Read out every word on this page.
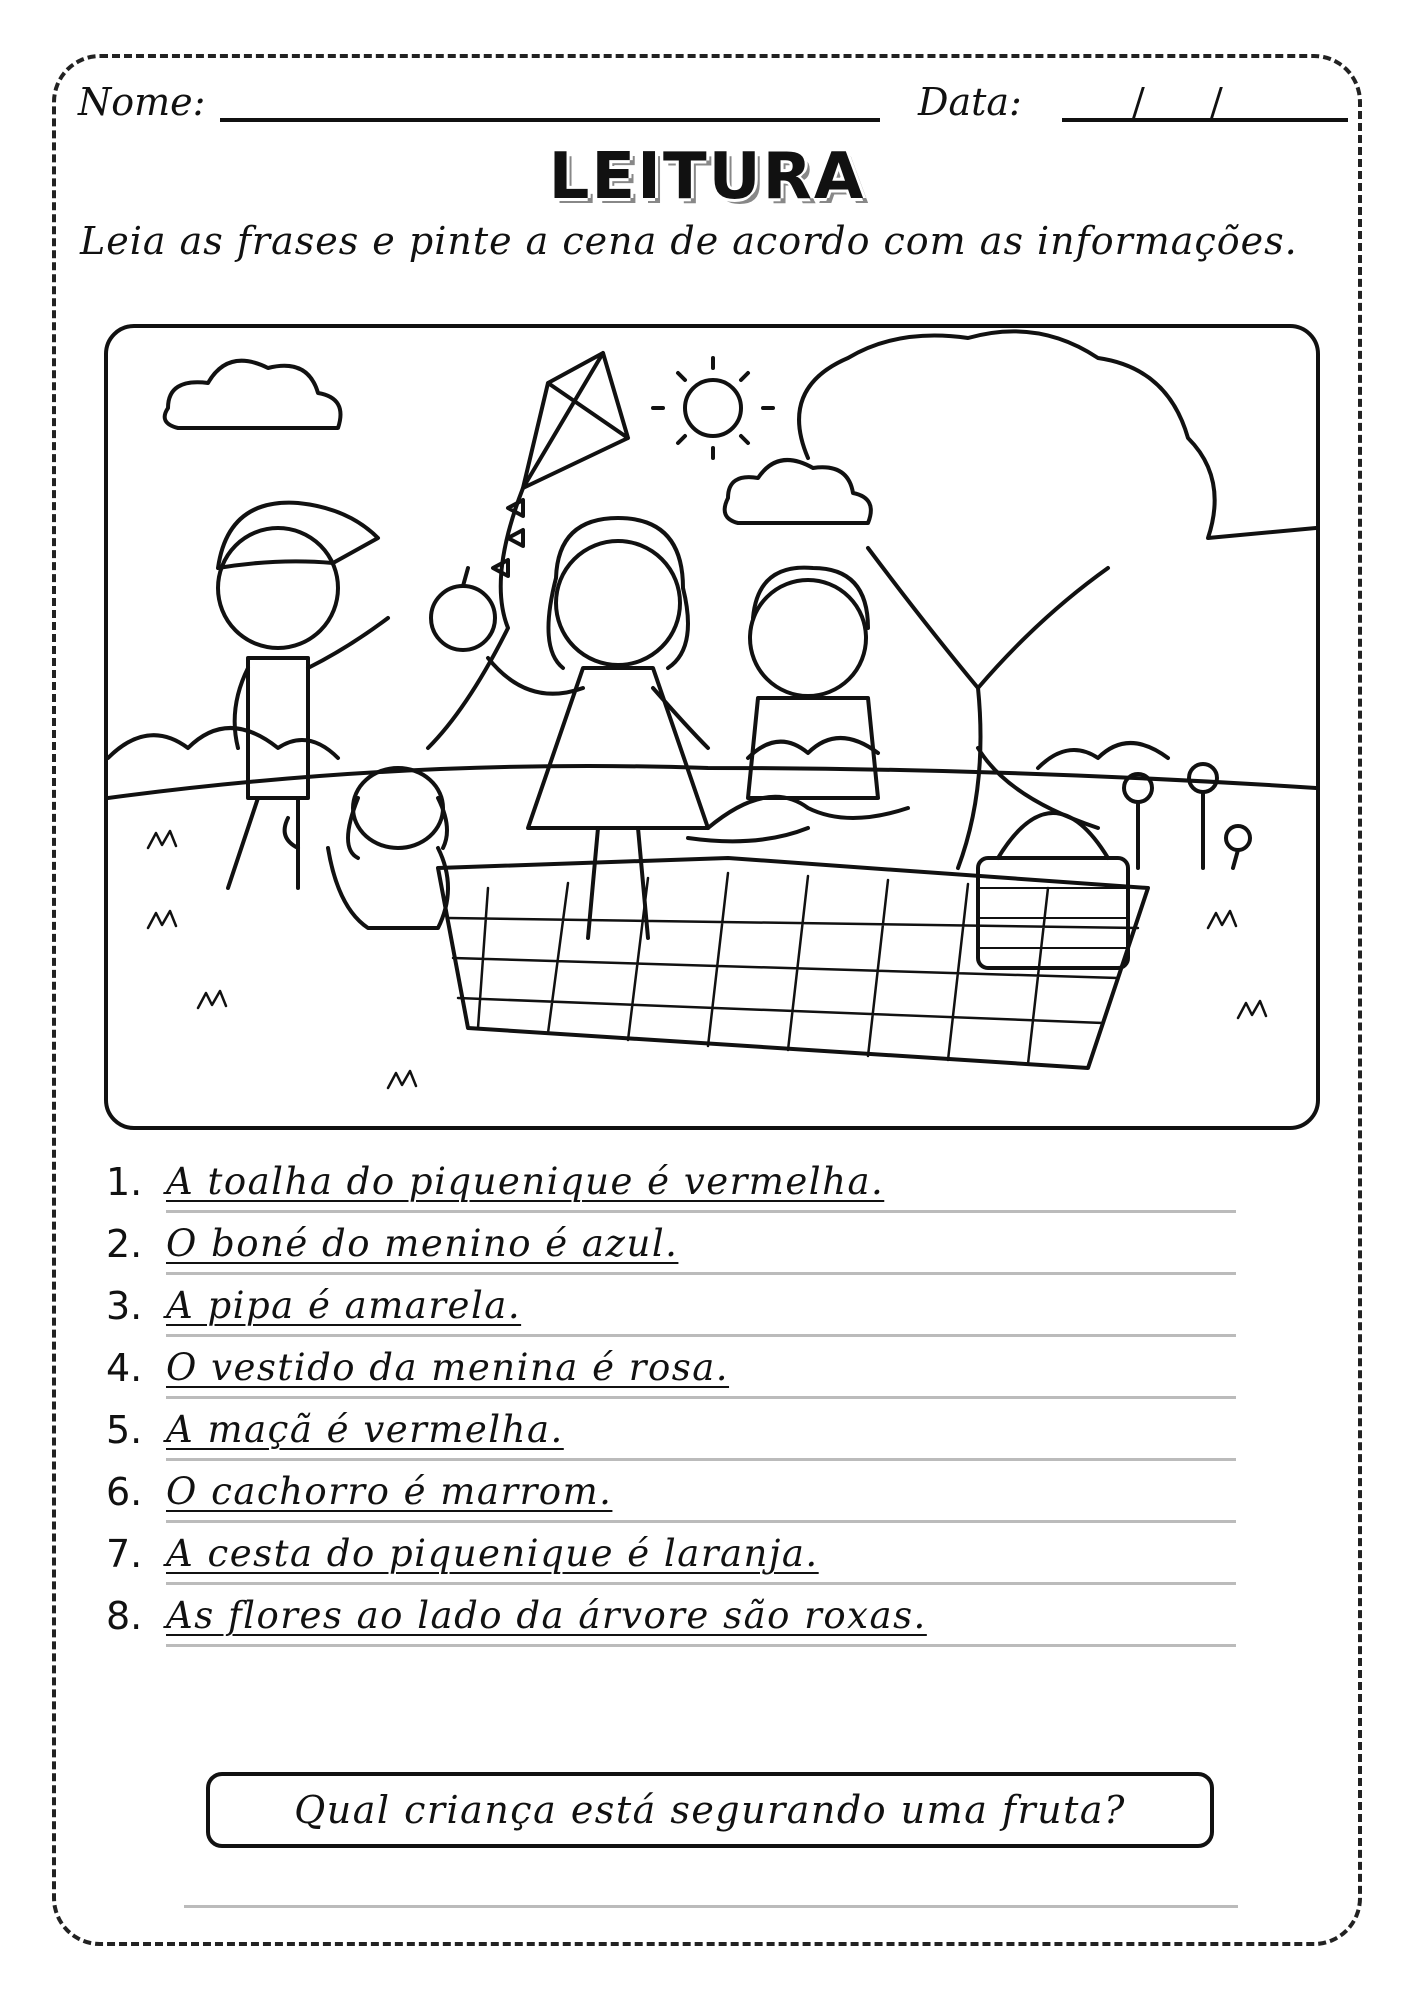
Nome:	Data:	/ /
LEITURA
Leia as frases e pinte a cena de acordo com as informações.
1. A toalha do piquenique é vermelha.
2. O boné do menino é azul.
3. A pipa é amarela.
4. O vestido da menina é rosa.
5. A maçã é vermelha.
6. O cachorro é marrom.
7. A cesta do piquenique é laranja.
8. As flores ao lado da árvore são roxas.
Qual criança está segurando uma fruta?
